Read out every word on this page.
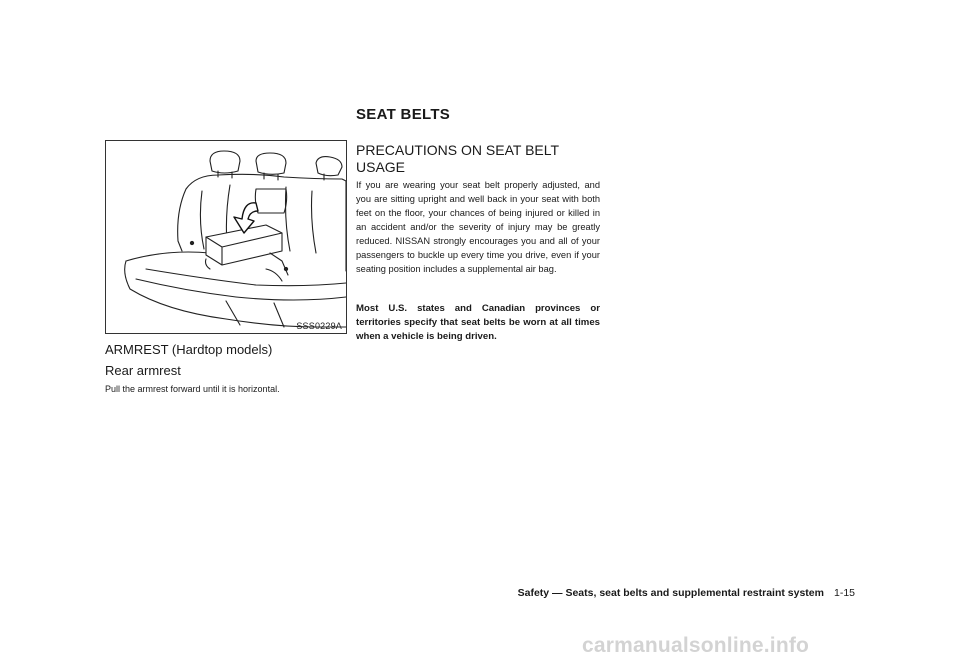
SSS0229A
ARMREST (Hardtop models)
Rear armrest

Pull the armrest forward until it is horizontal.

SEAT BELTS
PRECAUTIONS ON SEAT BELT USAGE

If you are wearing your seat belt properly adjusted, and you are sitting upright and well back in your seat with both feet on the floor, your chances of being injured or killed in an accident and/or the severity of injury may be greatly reduced. NISSAN strongly encourages you and all of your passengers to buckle up every time you drive, even if your seating position includes a supplemental air bag.

Most U.S. states and Canadian provinces or territories specify that seat belts be worn at all times when a vehicle is being driven.

Safety — Seats, seat belts and supplemental restraint system 1-15
carmanualsonline.info
